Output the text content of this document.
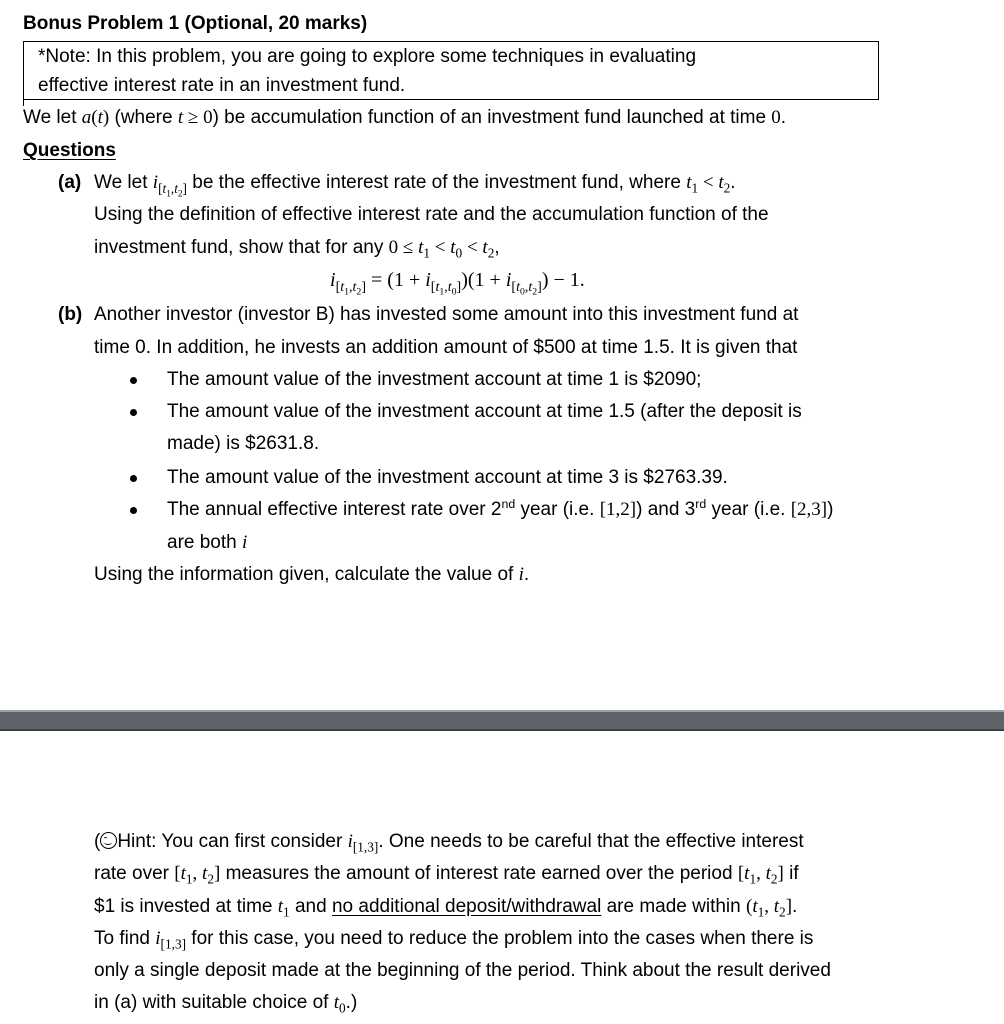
Bonus Problem 1 (Optional, 20 marks)
*Note: In this problem, you are going to explore some techniques in evaluating
effective interest rate in an investment fund.
We let a(t) (where t ≥ 0) be accumulation function of an investment fund launched at time 0.
Questions
(a) We let $i_{[t_1,t_2]}$ be the effective interest rate of the investment fund, where $t_1 < t_2$.
Using the definition of effective interest rate and the accumulation function of the
investment fund, show that for any $0 \le t_1 < t_0 < t_2$,
$i_{[t_1,t_2]} = (1 + i_{[t_1,t_0]})(1 + i_{[t_0,t_2]}) - 1$.
(b) Another investor (investor B) has invested some amount into this investment fund at
time 0. In addition, he invests an addition amount of $500 at time 1.5. It is given that
The amount value of the investment account at time 1 is $2090;
The amount value of the investment account at time 1.5 (after the deposit is
made) is $2631.8.
The amount value of the investment account at time 3 is $2763.39.
The annual effective interest rate over 2nd year (i.e. [1,2]) and 3rd year (i.e. [2,3])
are both i
Using the information given, calculate the value of i.
( Hint: You can first consider $i_{[1,3]}$. One needs to be careful that the effective interest
rate over [$t_1$, $t_2$] measures the amount of interest rate earned over the period [$t_1$, $t_2$] if
$1 is invested at time $t_1$ and no additional deposit/withdrawal are made within ($t_1$, $t_2$].
To find $i_{[1,3]}$ for this case, you need to reduce the problem into the cases when there is
only a single deposit made at the beginning of the period. Think about the result derived
in (a) with suitable choice of $t_0$.)
